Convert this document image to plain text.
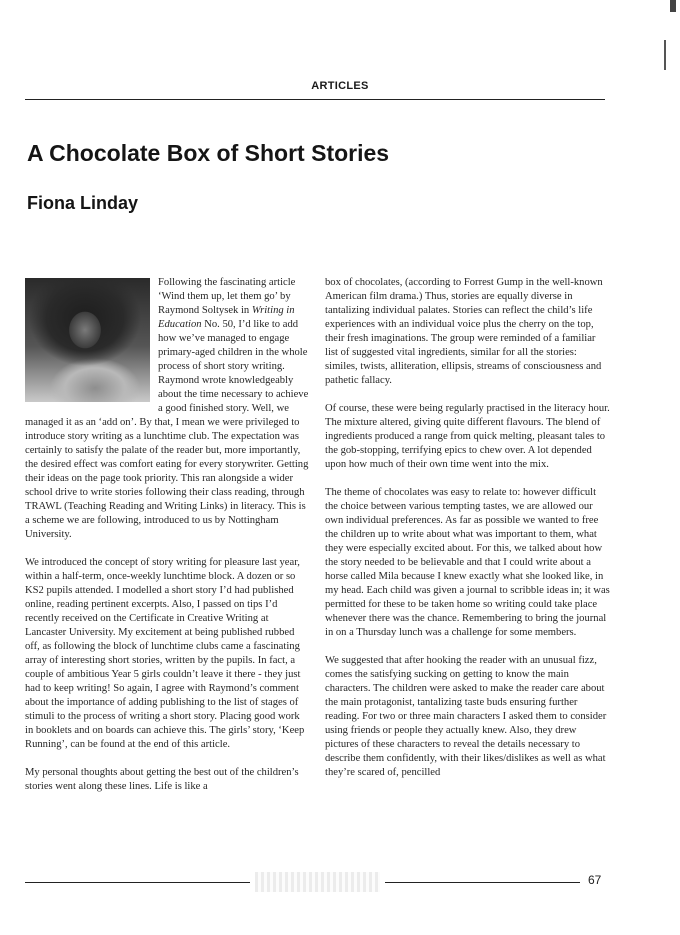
ARTICLES
A Chocolate Box of Short Stories
Fiona Linday

Following the fascinating article ‘Wind them up, let them go’ by Raymond Soltysek in Writing in Education No. 50, I’d like to add how we’ve managed to engage primary-aged children in the whole process of short story writing. Raymond wrote knowledgeably about the time necessary to achieve a good finished story. Well, we managed it as an ‘add on’. By that, I mean we were privileged to introduce story writing as a lunchtime club. The expectation was certainly to satisfy the palate of the reader but, more importantly, the desired effect was comfort eating for every storywriter. Getting their ideas on the page took priority. This ran alongside a wider school drive to write stories following their class reading, through TRAWL (Teaching Reading and Writing Links) in literacy. This is a scheme we are following, introduced to us by Nottingham University.

We introduced the concept of story writing for pleasure last year, within a half-term, once-weekly lunchtime block. A dozen or so KS2 pupils attended. I modelled a short story I’d had published online, reading pertinent excerpts. Also, I passed on tips I’d recently received on the Certificate in Creative Writing at Lancaster University. My excitement at being published rubbed off, as following the block of lunchtime clubs came a fascinating array of interesting short stories, written by the pupils. In fact, a couple of ambitious Year 5 girls couldn’t leave it there - they just had to keep writing! So again, I agree with Raymond’s comment about the importance of adding publishing to the list of stages of stimuli to the process of writing a short story. Placing good work in booklets and on boards can achieve this. The girls’ story, ‘Keep Running’, can be found at the end of this article.

My personal thoughts about getting the best out of the children’s stories went along these lines. Life is like a

box of chocolates, (according to Forrest Gump in the well-known American film drama.) Thus, stories are equally diverse in tantalizing individual palates. Stories can reflect the child’s life experiences with an individual voice plus the cherry on the top, their fresh imaginations. The group were reminded of a familiar list of suggested vital ingredients, similar for all the stories: similes, twists, alliteration, ellipsis, streams of consciousness and pathetic fallacy.

Of course, these were being regularly practised in the literacy hour. The mixture altered, giving quite different flavours. The blend of ingredients produced a range from quick melting, pleasant tales to the gob-stopping, terrifying epics to chew over. A lot depended upon how much of their own time went into the mix.

The theme of chocolates was easy to relate to: however difficult the choice between various tempting tastes, we are allowed our own individual preferences. As far as possible we wanted to free the children up to write about what was important to them, what they were especially excited about. For this, we talked about how the story needed to be believable and that I could write about a horse called Mila because I knew exactly what she looked like, in my head. Each child was given a journal to scribble ideas in; it was permitted for these to be taken home so writing could take place whenever there was the chance. Remembering to bring the journal in on a Thursday lunch was a challenge for some members.

We suggested that after hooking the reader with an unusual fizz, comes the satisfying sucking on getting to know the main characters. The children were asked to make the reader care about the main protagonist, tantalizing taste buds ensuring further reading. For two or three main characters I asked them to consider using friends or people they actually knew. Also, they drew pictures of these characters to reveal the details necessary to describe them confidently, with their likes/dislikes as well as what they’re scared of, pencilled

67
